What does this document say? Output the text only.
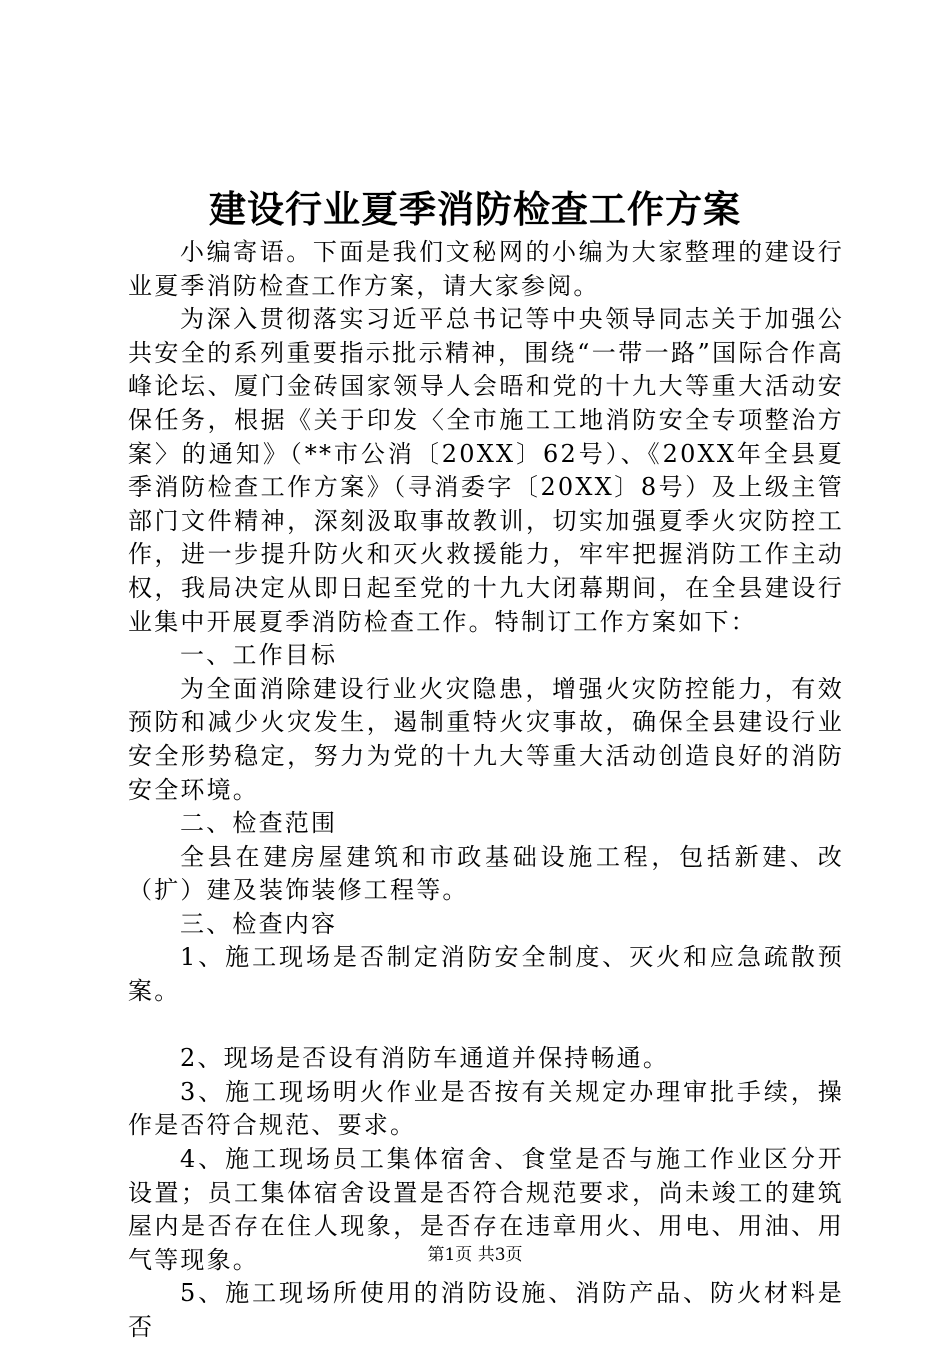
建设行业夏季消防检查工作方案

小编寄语。下面是我们文秘网的小编为大家整理的建设行业夏季消防检查工作方案，请大家参阅。

为深入贯彻落实习近平总书记等中央领导同志关于加强公共安全的系列重要指示批示精神，围绕“一带一路”国际合作高峰论坛、厦门金砖国家领导人会晤和党的十九大等重大活动安保任务，根据《关于印发〈全市施工工地消防安全专项整治方案〉的通知》（**市公消〔20XX〕62号）、《20XX年全县夏季消防检查工作方案》（寻消委字〔20XX〕8号）及上级主管部门文件精神，深刻汲取事故教训，切实加强夏季火灾防控工作，进一步提升防火和灭火救援能力，牢牢把握消防工作主动权，我局决定从即日起至党的十九大闭幕期间，在全县建设行业集中开展夏季消防检查工作。特制订工作方案如下：

一、工作目标

为全面消除建设行业火灾隐患，增强火灾防控能力，有效预防和减少火灾发生，遏制重特火灾事故，确保全县建设行业安全形势稳定，努力为党的十九大等重大活动创造良好的消防安全环境。

二、检查范围

全县在建房屋建筑和市政基础设施工程，包括新建、改（扩）建及装饰装修工程等。

三、检查内容

1、施工现场是否制定消防安全制度、灭火和应急疏散预案。

2、现场是否设有消防车通道并保持畅通。

3、施工现场明火作业是否按有关规定办理审批手续，操作是否符合规范、要求。

4、施工现场员工集体宿舍、食堂是否与施工作业区分开设置；员工集体宿舍设置是否符合规范要求，尚未竣工的建筑屋内是否存在住人现象，是否存在违章用火、用电、用油、用气等现象。

5、施工现场所使用的消防设施、消防产品、防火材料是否

第1页 共3页
